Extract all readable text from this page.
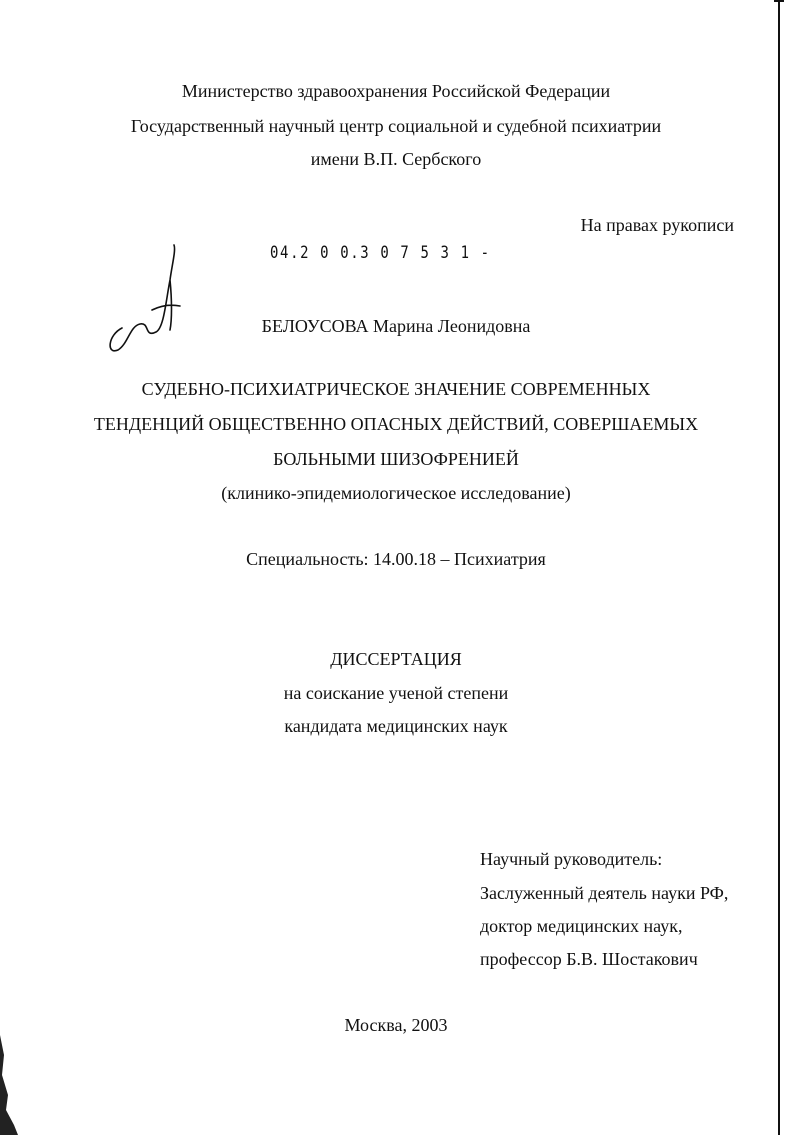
Министерство здравоохранения Российской Федерации
Государственный научный центр социальной и судебной психиатрии
имени В.П. Сербского
На правах рукописи
04.2 0 0.3 0 7 5 3 1 -
БЕЛОУСОВА Марина Леонидовна
СУДЕБНО-ПСИХИАТРИЧЕСКОЕ ЗНАЧЕНИЕ СОВРЕМЕННЫХ
ТЕНДЕНЦИЙ ОБЩЕСТВЕННО ОПАСНЫХ ДЕЙСТВИЙ, СОВЕРШАЕМЫХ
БОЛЬНЫМИ ШИЗОФРЕНИЕЙ
(клинико-эпидемиологическое исследование)
Специальность: 14.00.18 – Психиатрия
ДИССЕРТАЦИЯ
на соискание ученой степени
кандидата медицинских наук
Научный руководитель:
Заслуженный деятель науки РФ,
доктор медицинских наук,
профессор Б.В. Шостакович
Москва, 2003
